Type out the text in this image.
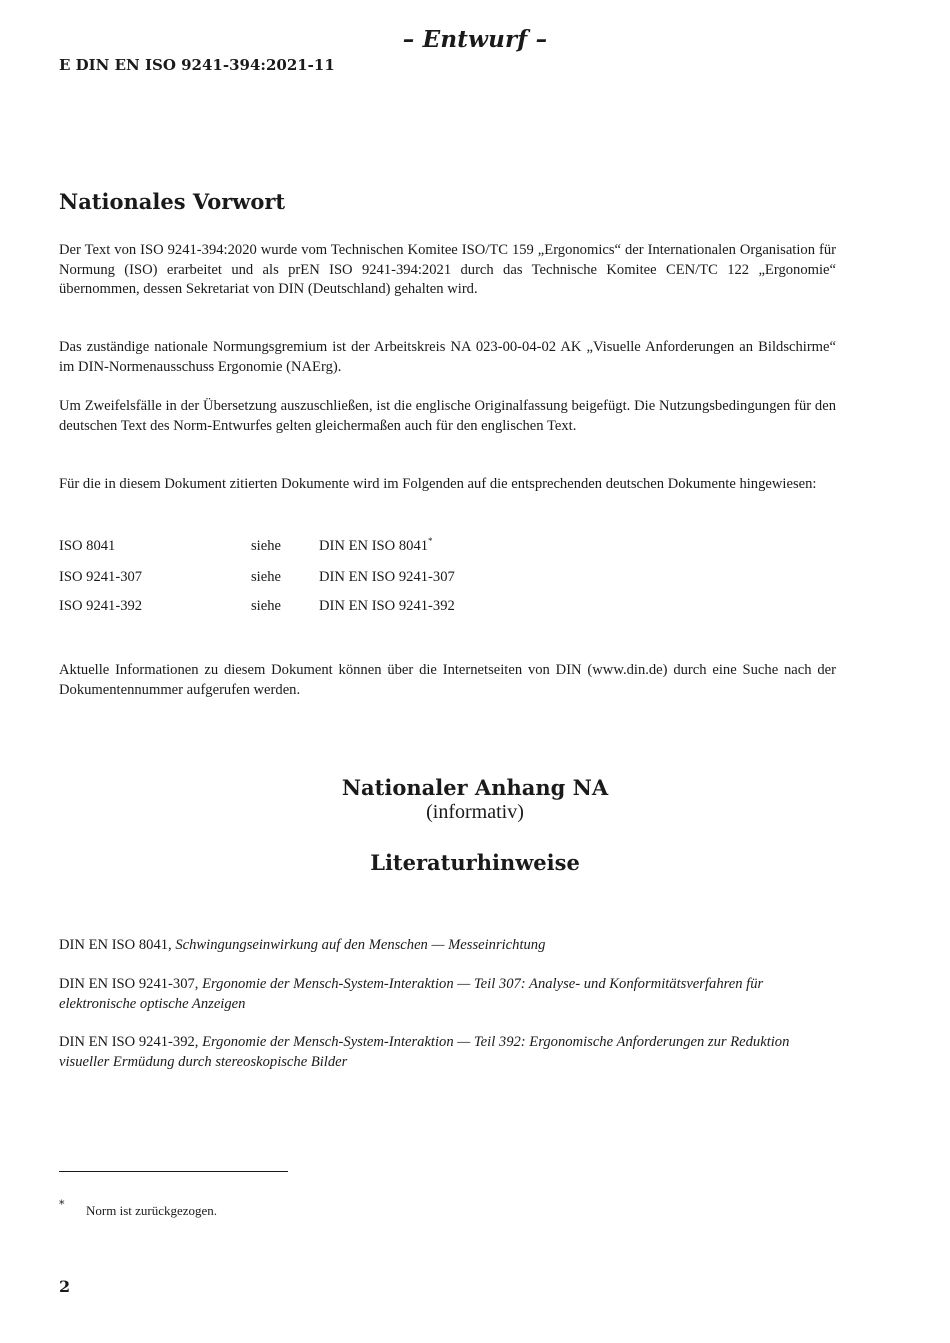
– Entwurf –
E DIN EN ISO 9241-394:2021-11
Nationales Vorwort

Der Text von ISO 9241-394:2020 wurde vom Technischen Komitee ISO/TC 159 „Ergonomics“ der Internationalen Organisation für Normung (ISO) erarbeitet und als prEN ISO 9241-394:2021 durch das Technische Komitee CEN/TC 122 „Ergonomie“ übernommen, dessen Sekretariat von DIN (Deutschland) gehalten wird.

Das zuständige nationale Normungsgremium ist der Arbeitskreis NA 023-00-04-02 AK „Visuelle Anforderungen an Bildschirme“ im DIN-Normenausschuss Ergonomie (NAErg).

Um Zweifelsfälle in der Übersetzung auszuschließen, ist die englische Originalfassung beigefügt. Die Nutzungsbedingungen für den deutschen Text des Norm-Entwurfes gelten gleichermaßen auch für den englischen Text.

Für die in diesem Dokument zitierten Dokumente wird im Folgenden auf die entsprechenden deutschen Dokumente hingewiesen:

ISO 8041	siehe	DIN EN ISO 8041*
ISO 9241-307	siehe	DIN EN ISO 9241-307
ISO 9241-392	siehe	DIN EN ISO 9241-392

Aktuelle Informationen zu diesem Dokument können über die Internetseiten von DIN (www.din.de) durch eine Suche nach der Dokumentennummer aufgerufen werden.

Nationaler Anhang NA
(informativ)
Literaturhinweise

DIN EN ISO 8041, Schwingungseinwirkung auf den Menschen — Messeinrichtung

DIN EN ISO 9241-307, Ergonomie der Mensch-System-Interaktion — Teil 307: Analyse- und Konformitätsverfahren für elektronische optische Anzeigen

DIN EN ISO 9241-392, Ergonomie der Mensch-System-Interaktion — Teil 392: Ergonomische Anforderungen zur Reduktion visueller Ermüdung durch stereoskopische Bilder

* Norm ist zurückgezogen.
2
